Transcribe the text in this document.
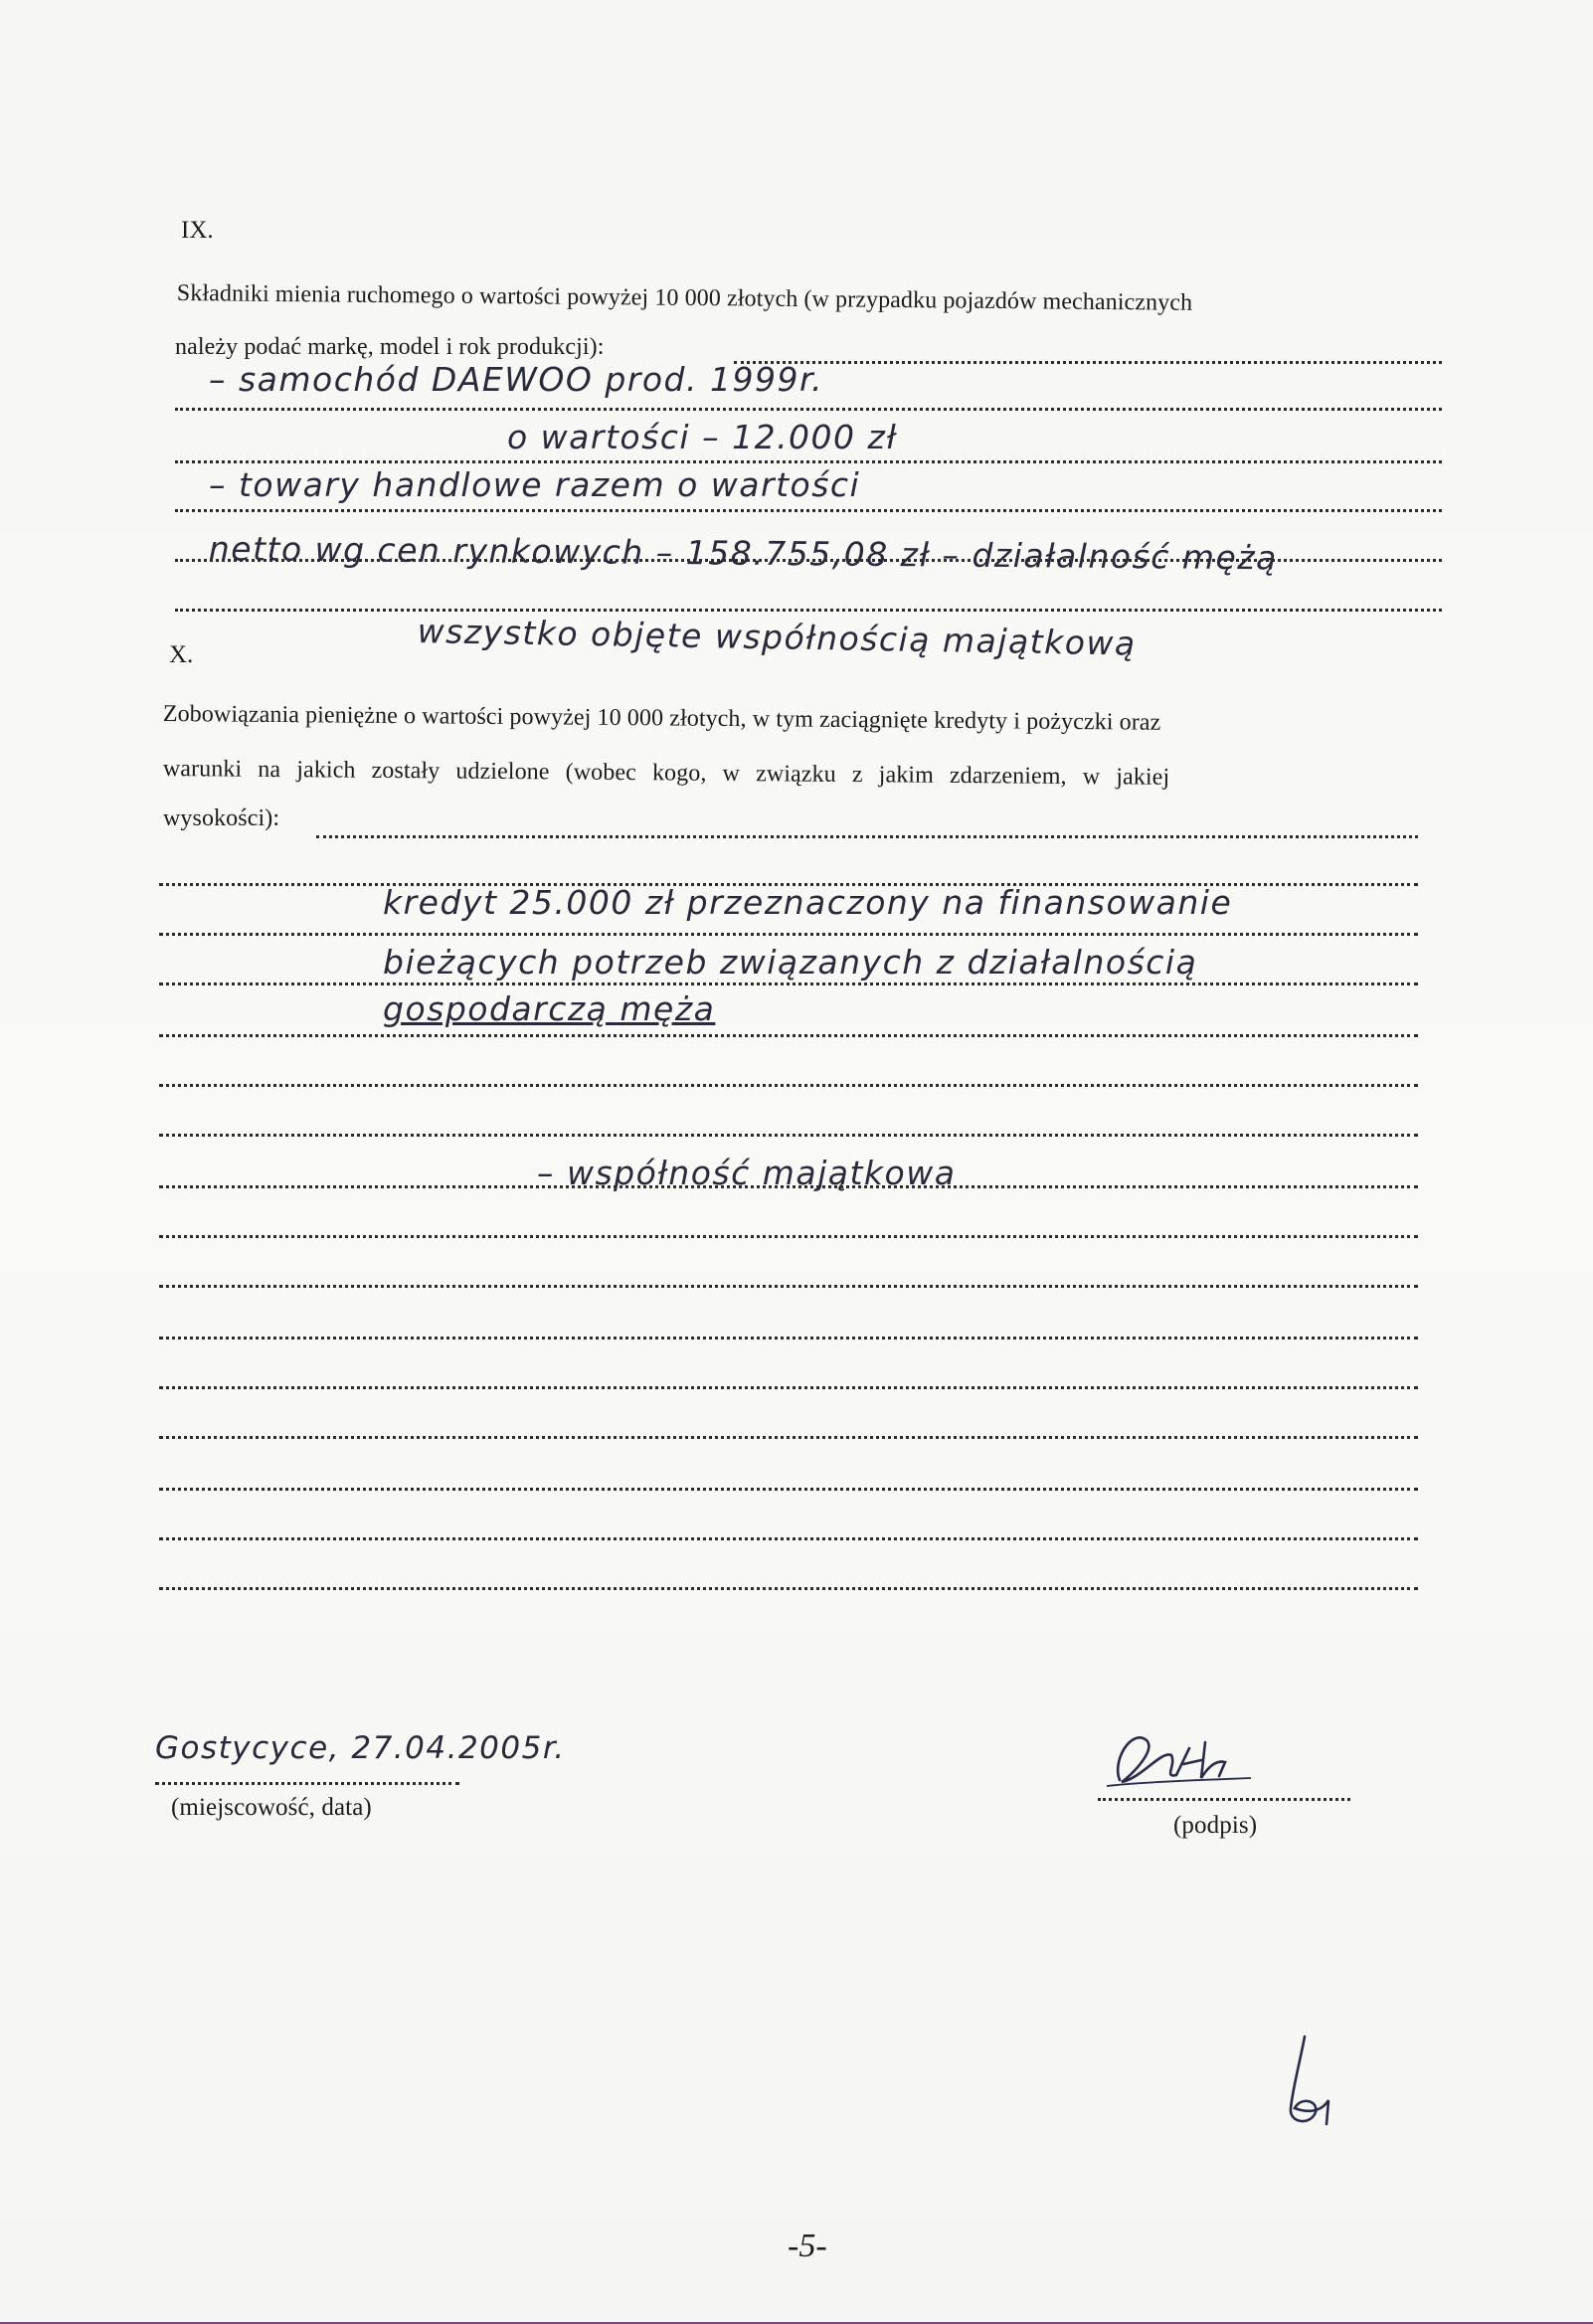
IX.
Składniki mienia ruchomego o wartości powyżej 10 000 złotych (w przypadku pojazdów mechanicznych
należy podać markę, model i rok produkcji):
– samochód DAEWOO prod. 1999r.
o wartości – 12.000 zł
– towary handlowe razem o wartości
netto wg cen rynkowych – 158.755,08 zł – działalność mężą
wszystko objęte współnością majątkową
X.
Zobowiązania pieniężne o wartości powyżej 10 000 złotych, w tym zaciągnięte kredyty i pożyczki oraz
warunki na jakich zostały udzielone (wobec kogo, w związku z jakim zdarzeniem, w jakiej
wysokości):
kredyt 25.000 zł przeznaczony na finansowanie
bieżących potrzeb związanych z działalnością
gospodarczą męża
– współność majątkowa
Gostycyce, 27.04.2005r.
(miejscowość, data)
(podpis)
-5-
